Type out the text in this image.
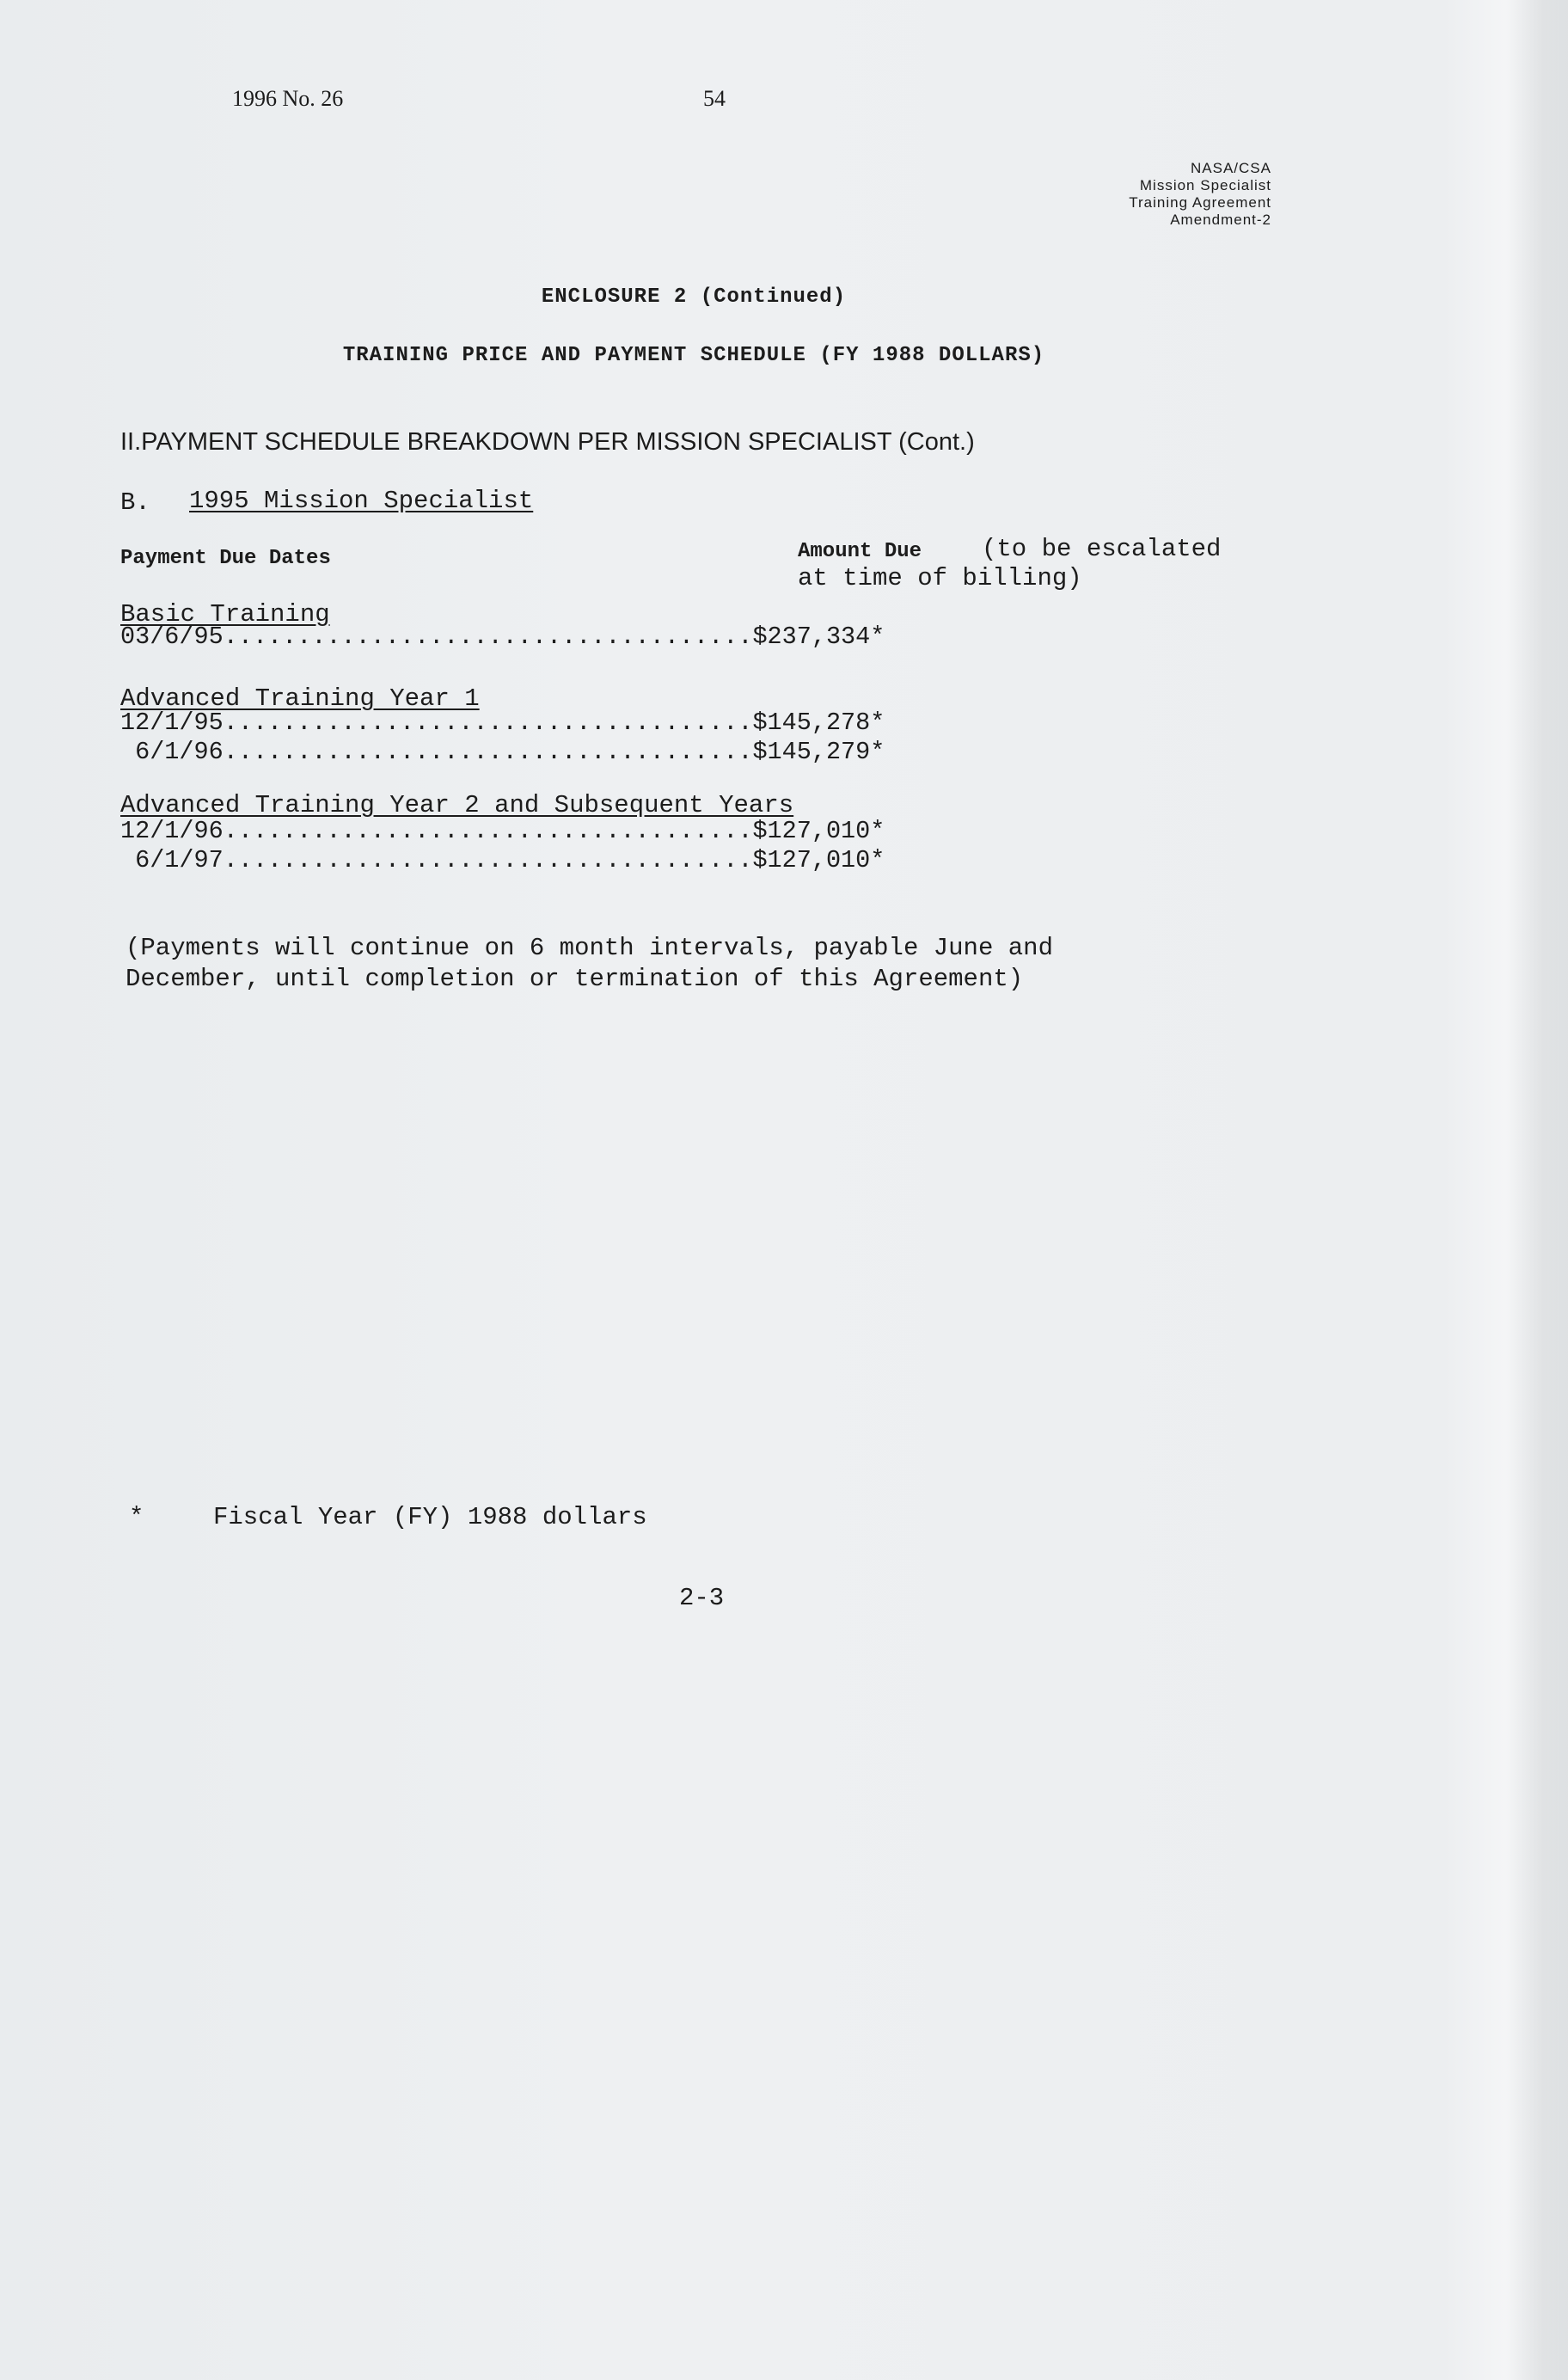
1996 No. 26	54
NASA/CSA
Mission Specialist
Training Agreement
Amendment-2
ENCLOSURE 2 (Continued)
TRAINING PRICE AND PAYMENT SCHEDULE (FY 1988 DOLLARS)
II.PAYMENT SCHEDULE BREAKDOWN PER MISSION SPECIALIST (Cont.)
B. 1995 Mission Specialist
Payment Due Dates	Amount Due (to be escalated
at time of billing)
Basic Training
03/6/95....................................$237,334*
Advanced Training Year 1
12/1/95....................................$145,278*
6/1/96....................................$145,279*
Advanced Training Year 2 and Subsequent Years
12/1/96....................................$127,010*
6/1/97....................................$127,010*
(Payments will continue on 6 month intervals, payable June and
December, until completion or termination of this Agreement)
*	Fiscal Year (FY) 1988 dollars
2-3
